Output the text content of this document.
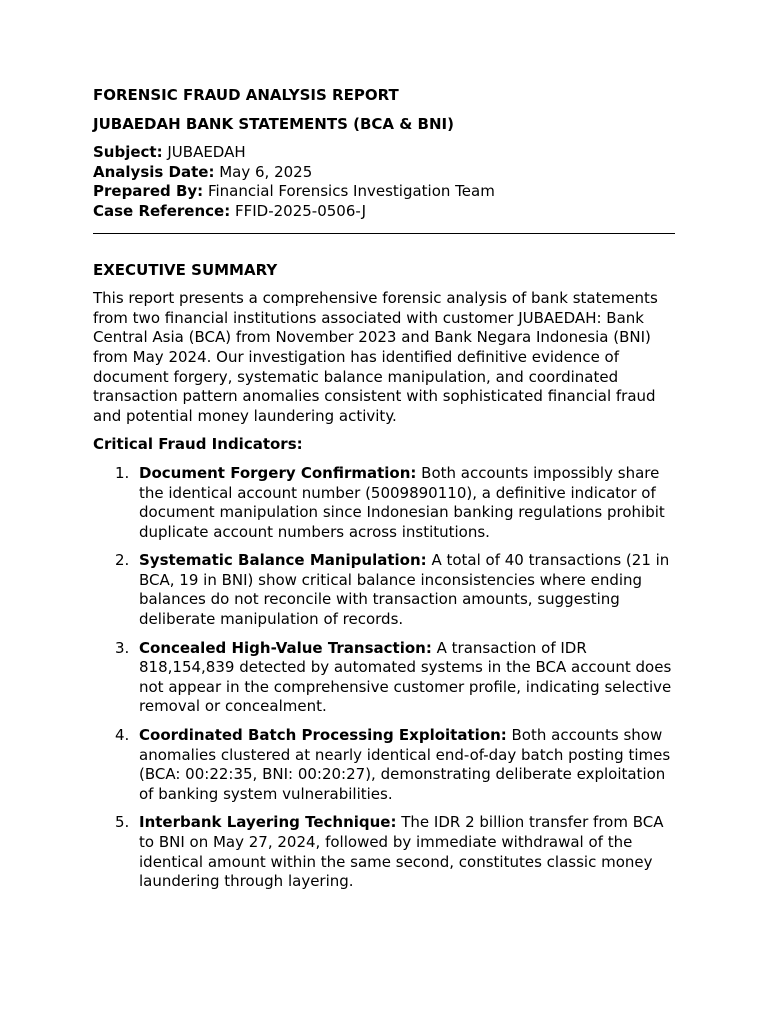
FORENSIC FRAUD ANALYSIS REPORT

JUBAEDAH BANK STATEMENTS (BCA & BNI)

Subject: JUBAEDAH

Analysis Date: May 6, 2025

Prepared By: Financial Forensics Investigation Team

Case Reference: FFID-2025-0506-J

EXECUTIVE SUMMARY

This report presents a comprehensive forensic analysis of bank statements from two financial institutions associated with customer JUBAEDAH: Bank Central Asia (BCA) from November 2023 and Bank Negara Indonesia (BNI) from May 2024. Our investigation has identified definitive evidence of document forgery, systematic balance manipulation, and coordinated transaction pattern anomalies consistent with sophisticated financial fraud and potential money laundering activity.

Critical Fraud Indicators:

1. Document Forgery Confirmation: Both accounts impossibly share the identical account number (5009890110), a definitive indicator of document manipulation since Indonesian banking regulations prohibit duplicate account numbers across institutions.
2. Systematic Balance Manipulation: A total of 40 transactions (21 in BCA, 19 in BNI) show critical balance inconsistencies where ending balances do not reconcile with transaction amounts, suggesting deliberate manipulation of records.
3. Concealed High-Value Transaction: A transaction of IDR 818,154,839 detected by automated systems in the BCA account does not appear in the comprehensive customer profile, indicating selective removal or concealment.
4. Coordinated Batch Processing Exploitation: Both accounts show anomalies clustered at nearly identical end-of-day batch posting times (BCA: 00:22:35, BNI: 00:20:27), demonstrating deliberate exploitation of banking system vulnerabilities.
5. Interbank Layering Technique: The IDR 2 billion transfer from BCA to BNI on May 27, 2024, followed by immediate withdrawal of the identical amount within the same second, constitutes classic money laundering through layering.
